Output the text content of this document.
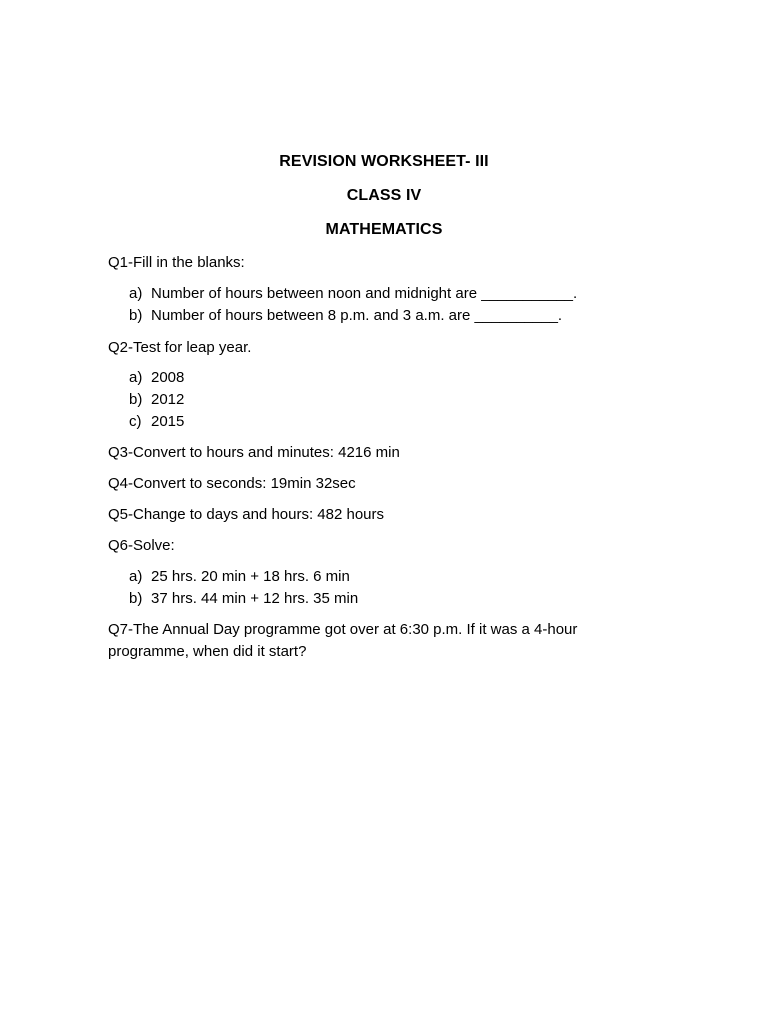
REVISION WORKSHEET- III
CLASS IV
MATHEMATICS
Q1-Fill in the blanks:
a) Number of hours between noon and midnight are ___________.
b) Number of hours between 8 p.m. and 3 a.m. are __________.
Q2-Test for leap year.
a) 2008
b) 2012
c) 2015
Q3-Convert to hours and minutes: 4216 min
Q4-Convert to seconds: 19min 32sec
Q5-Change to days and hours: 482 hours
Q6-Solve:
a) 25 hrs. 20 min + 18 hrs. 6 min
b) 37 hrs. 44 min + 12 hrs. 35 min
Q7-The Annual Day programme got over at 6:30 p.m. If it was a 4-hour programme, when did it start?
